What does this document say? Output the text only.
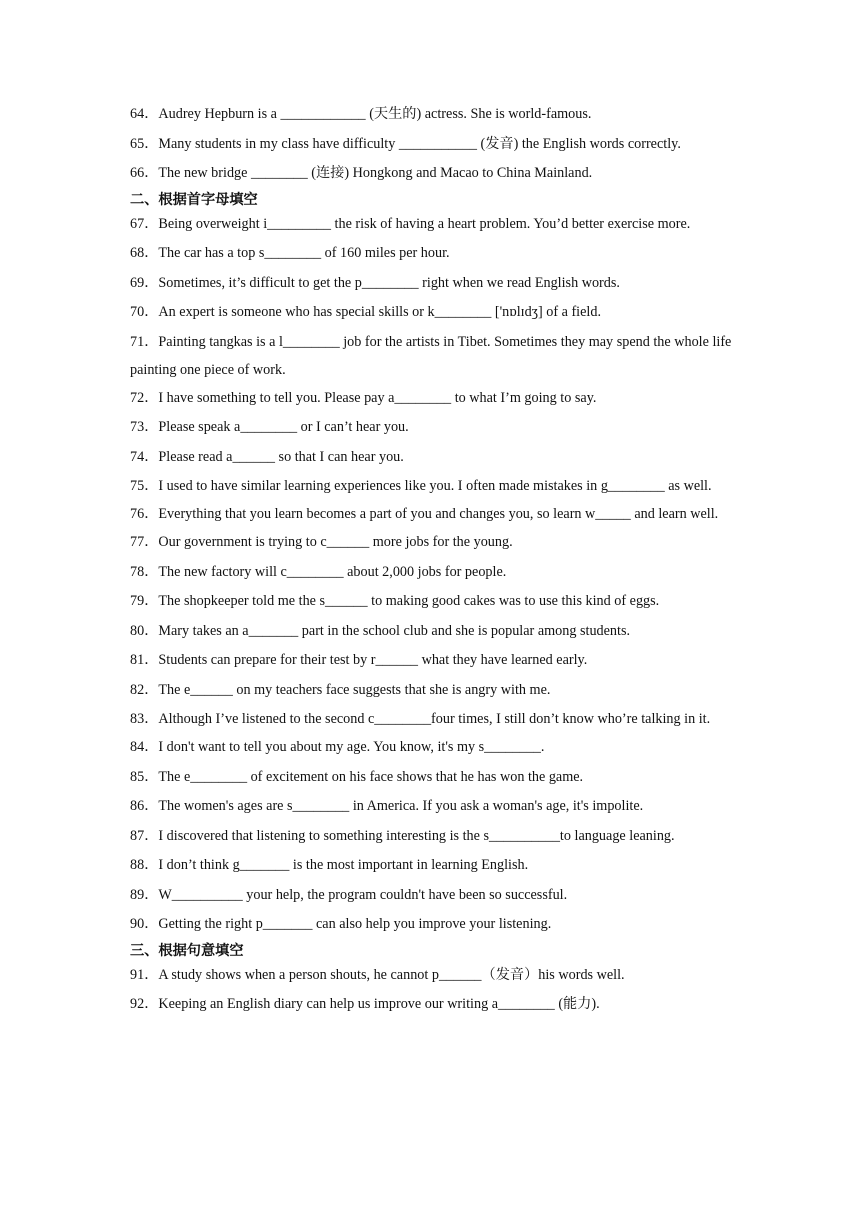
64．Audrey Hepburn is a ____________ (天生的) actress. She is world-famous.
65．Many students in my class have difficulty ___________ (发音) the English words correctly.
66．The new bridge ________ (连接) Hongkong and Macao to China Mainland.
二、根据首字母填空
67．Being overweight i_________ the risk of having a heart problem. You’d better exercise more.
68．The car has a top s________ of 160 miles per hour.
69．Sometimes, it’s difficult to get the p________ right when we read English words.
70．An expert is someone who has special skills or k________ ['nɒlɪdʒ] of a field.
71．Painting tangkas is a l________ job for the artists in Tibet. Sometimes they may spend the whole life painting one piece of work.
72．I have something to tell you. Please pay a________ to what I’m going to say.
73．Please speak a________ or I can’t hear you.
74．Please read a______ so that I can hear you.
75．I used to have similar learning experiences like you. I often made mistakes in g________ as well.
76．Everything that you learn becomes a part of you and changes you, so learn w_____ and learn well.
77．Our government is trying to c______ more jobs for the young.
78．The new factory will c________ about 2,000 jobs for people.
79．The shopkeeper told me the s______ to making good cakes was to use this kind of eggs.
80．Mary takes an a_______ part in the school club and she is popular among students.
81．Students can prepare for their test by r______ what they have learned early.
82．The e______ on my teachers face suggests that she is angry with me.
83．Although I’ve listened to the second c________four times, I still don’t know who’re talking in it.
84．I don't want to tell you about my age. You know, it's my s________.
85．The e________ of excitement on his face shows that he has won the game.
86．The women's ages are s________ in America. If you ask a woman's age, it's impolite.
87．I discovered that listening to something interesting is the s__________to language leaning.
88．I don’t think g_______ is the most important in learning English.
89．W__________ your help, the program couldn't have been so successful.
90．Getting the right p_______ can also help you improve your listening.
三、根据句意填空
91．A study shows when a person shouts, he cannot p______（发音）his words well.
92．Keeping an English diary can help us improve our writing a________ (能力).
